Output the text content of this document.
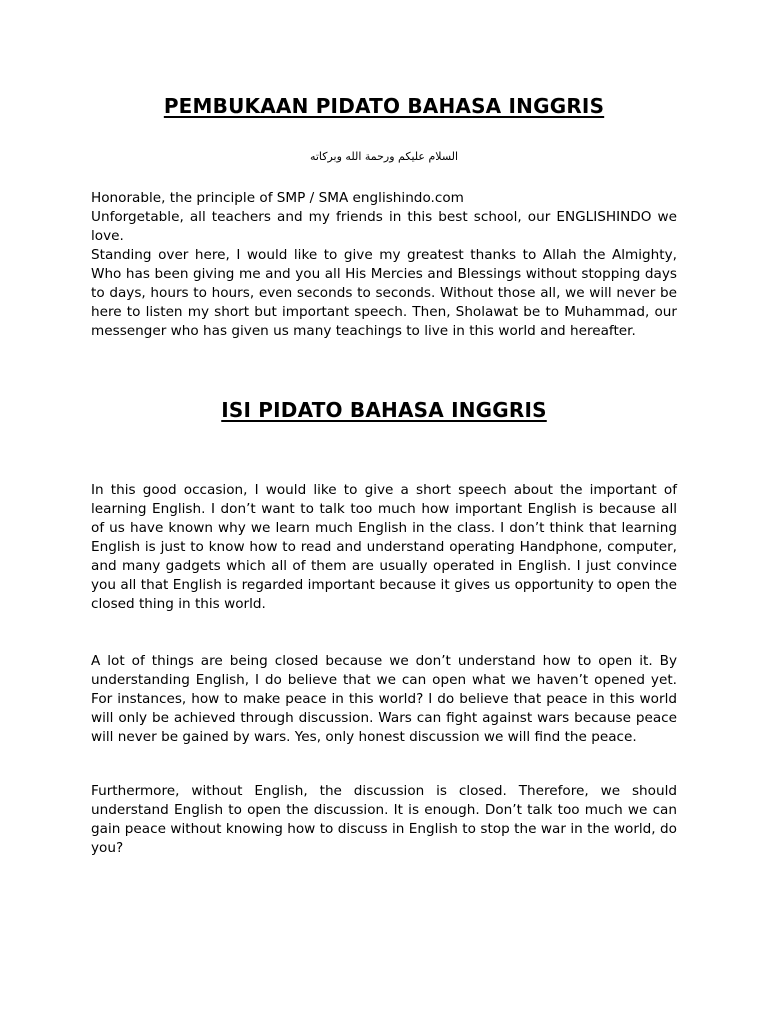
PEMBUKAAN PIDATO BAHASA INGGRIS
السلام عليكم ورحمة الله وبركاته

Honorable, the principle of SMP / SMA englishindo.com

Unforgetable, all teachers and my friends in this best school, our ENGLISHINDO we love.

Standing over here, I would like to give my greatest thanks to Allah the Almighty, Who has been giving me and you all His Mercies and Blessings without stopping days to days, hours to hours, even seconds to seconds. Without those all, we will never be here to listen my short but important speech. Then, Sholawat be to Muhammad, our messenger who has given us many teachings to live in this world and hereafter.

ISI PIDATO BAHASA INGGRIS

In this good occasion, I would like to give a short speech about the important of learning English. I don’t want to talk too much how important English is because all of us have known why we learn much English in the class. I don’t think that learning English is just to know how to read and understand operating Handphone, computer, and many gadgets which all of them are usually operated in English. I just convince you all that English is regarded important because it gives us opportunity to open the closed thing in this world.

A lot of things are being closed because we don’t understand how to open it. By understanding English, I do believe that we can open what we haven’t opened yet. For instances, how to make peace in this world? I do believe that peace in this world will only be achieved through discussion. Wars can fight against wars because peace will never be gained by wars. Yes, only honest discussion we will find the peace.

Furthermore, without English, the discussion is closed. Therefore, we should understand English to open the discussion. It is enough. Don’t talk too much we can gain peace without knowing how to discuss in English to stop the war in the world, do you?
